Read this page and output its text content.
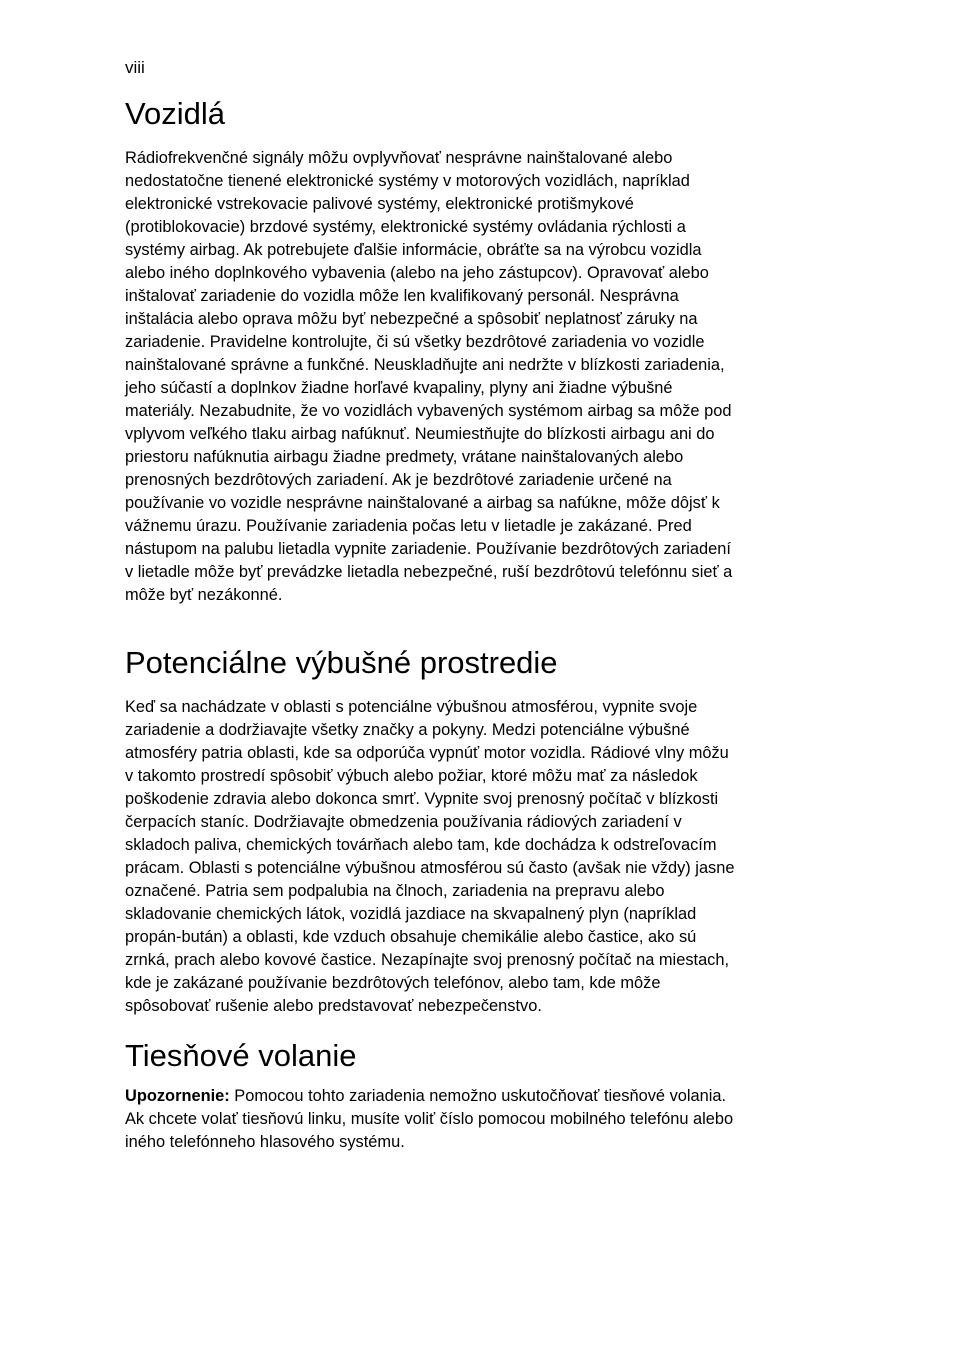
viii
Vozidlá

Rádiofrekvenčné signály môžu ovplyvňovať nesprávne nainštalované alebo
nedostatočne tienené elektronické systémy v motorových vozidlách, napríklad
elektronické vstrekovacie palivové systémy, elektronické protišmykové
(protiblokovacie) brzdové systémy, elektronické systémy ovládania rýchlosti a
systémy airbag. Ak potrebujete ďalšie informácie, obráťte sa na výrobcu vozidla
alebo iného doplnkového vybavenia (alebo na jeho zástupcov). Opravovať alebo
inštalovať zariadenie do vozidla môže len kvalifikovaný personál. Nesprávna
inštalácia alebo oprava môžu byť nebezpečné a spôsobiť neplatnosť záruky na
zariadenie. Pravidelne kontrolujte, či sú všetky bezdrôtové zariadenia vo vozidle
nainštalované správne a funkčné. Neuskladňujte ani nedržte v blízkosti zariadenia,
jeho súčastí a doplnkov žiadne horľavé kvapaliny, plyny ani žiadne výbušné
materiály. Nezabudnite, že vo vozidlách vybavených systémom airbag sa môže pod
vplyvom veľkého tlaku airbag nafúknuť. Neumiestňujte do blízkosti airbagu ani do
priestoru nafúknutia airbagu žiadne predmety, vrátane nainštalovaných alebo
prenosných bezdrôtových zariadení. Ak je bezdrôtové zariadenie určené na
používanie vo vozidle nesprávne nainštalované a airbag sa nafúkne, môže dôjsť k
vážnemu úrazu. Používanie zariadenia počas letu v lietadle je zakázané. Pred
nástupom na palubu lietadla vypnite zariadenie. Používanie bezdrôtových zariadení
v lietadle môže byť prevádzke lietadla nebezpečné, ruší bezdrôtovú telefónnu sieť a
môže byť nezákonné.

Potenciálne výbušné prostredie

Keď sa nachádzate v oblasti s potenciálne výbušnou atmosférou, vypnite svoje
zariadenie a dodržiavajte všetky značky a pokyny. Medzi potenciálne výbušné
atmosféry patria oblasti, kde sa odporúča vypnúť motor vozidla. Rádiové vlny môžu
v takomto prostredí spôsobiť výbuch alebo požiar, ktoré môžu mať za následok
poškodenie zdravia alebo dokonca smrť. Vypnite svoj prenosný počítač v blízkosti
čerpacích staníc. Dodržiavajte obmedzenia používania rádiových zariadení v
skladoch paliva, chemických továrňach alebo tam, kde dochádza k odstreľovacím
prácam. Oblasti s potenciálne výbušnou atmosférou sú často (avšak nie vždy) jasne
označené. Patria sem podpalubia na člnoch, zariadenia na prepravu alebo
skladovanie chemických látok, vozidlá jazdiace na skvapalnený plyn (napríklad
propán-bután) a oblasti, kde vzduch obsahuje chemikálie alebo častice, ako sú
zrnká, prach alebo kovové častice. Nezapínajte svoj prenosný počítač na miestach,
kde je zakázané používanie bezdrôtových telefónov, alebo tam, kde môže
spôsobovať rušenie alebo predstavovať nebezpečenstvo.

Tiesňové volanie

Upozornenie: Pomocou tohto zariadenia nemožno uskutočňovať tiesňové volania.
Ak chcete volať tiesňovú linku, musíte voliť číslo pomocou mobilného telefónu alebo
iného telefónneho hlasového systému.
